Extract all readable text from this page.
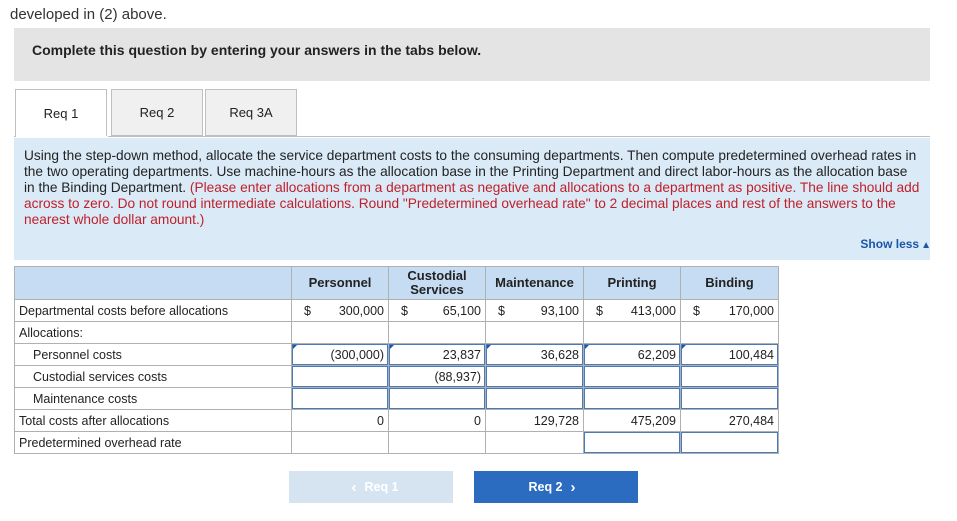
developed in (2) above.
Complete this question by entering your answers in the tabs below.
Req 1	Req 2	Req 3A
Using the step-down method, allocate the service department costs to the consuming departments. Then compute predetermined overhead rates in the two operating departments. Use machine-hours as the allocation base in the Printing Department and direct labor-hours as the allocation base in the Binding Department. (Please enter allocations from a department as negative and allocations to a department as positive. The line should add across to zero. Do not round intermediate calculations. Round "Predetermined overhead rate" to 2 decimal places and rest of the answers to the nearest whole dollar amount.)
Show less ▲
	Personnel	Custodial Services	Maintenance	Printing	Binding
Departmental costs before allocations	$ 300,000	$ 65,100	$ 93,100	$ 413,000	$ 170,000
Allocations:					
Personnel costs	(300,000)	23,837	36,628	62,209	100,484

Custodial services costs		(88,937)			

Maintenance costs	

Total costs after allocations	0	0	129,728	475,209	270,484
Predetermined overhead rate				

‹ Req 1	Req 2 ›
